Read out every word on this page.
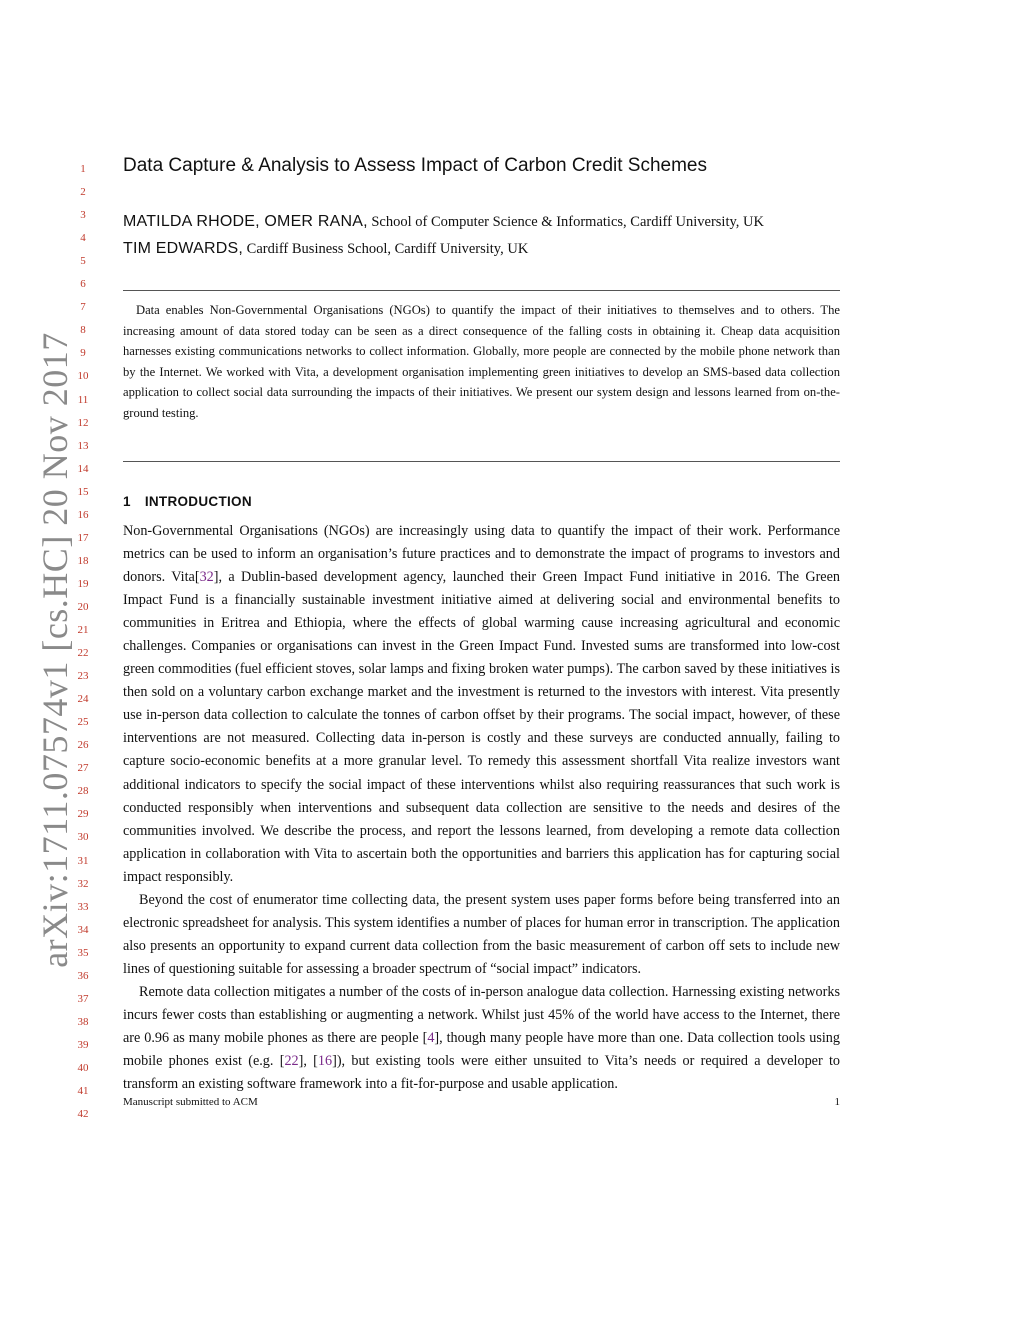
arXiv:1711.07574v1 [cs.HC] 20 Nov 2017
1
2
3
4
5
6
7
8
9
10
11
12
13
14
15
16
17
18
19
20
21
22
23
24
25
26
27
28
29
30
31
32
33
34
35
36
37
38
39
40
41
42
Data Capture & Analysis to Assess Impact of Carbon Credit Schemes
MATILDA RHODE, OMER RANA, School of Computer Science & Informatics, Cardiff University, UK
TIM EDWARDS, Cardiff Business School, Cardiff University, UK

Data enables Non-Governmental Organisations (NGOs) to quantify the impact of their initiatives to themselves and to others. The increasing amount of data stored today can be seen as a direct consequence of the falling costs in obtaining it. Cheap data acquisition harnesses existing communications networks to collect information. Globally, more people are connected by the mobile phone network than by the Internet. We worked with Vita, a development organisation implementing green initiatives to develop an SMS-based data collection application to collect social data surrounding the impacts of their initiatives. We present our system design and lessons learned from on-the-ground testing.

1 INTRODUCTION

Non-Governmental Organisations (NGOs) are increasingly using data to quantify the impact of their work. Performance metrics can be used to inform an organisation’s future practices and to demonstrate the impact of programs to investors and donors. Vita[32], a Dublin-based development agency, launched their Green Impact Fund initiative in 2016. The Green Impact Fund is a financially sustainable investment initiative aimed at delivering social and environmental benefits to communities in Eritrea and Ethiopia, where the effects of global warming cause increasing agricultural and economic challenges. Companies or organisations can invest in the Green Impact Fund. Invested sums are transformed into low-cost green commodities (fuel efficient stoves, solar lamps and fixing broken water pumps). The carbon saved by these initiatives is then sold on a voluntary carbon exchange market and the investment is returned to the investors with interest. Vita presently use in-person data collection to calculate the tonnes of carbon offset by their programs. The social impact, however, of these interventions are not measured. Collecting data in-person is costly and these surveys are conducted annually, failing to capture socio-economic benefits at a more granular level. To remedy this assessment shortfall Vita realize investors want additional indicators to specify the social impact of these interventions whilst also requiring reassurances that such work is conducted responsibly when interventions and subsequent data collection are sensitive to the needs and desires of the communities involved. We describe the process, and report the lessons learned, from developing a remote data collection application in collaboration with Vita to ascertain both the opportunities and barriers this application has for capturing social impact responsibly.

Beyond the cost of enumerator time collecting data, the present system uses paper forms before being transferred into an electronic spreadsheet for analysis. This system identifies a number of places for human error in transcription. The application also presents an opportunity to expand current data collection from the basic measurement of carbon off sets to include new lines of questioning suitable for assessing a broader spectrum of “social impact” indicators.

Remote data collection mitigates a number of the costs of in-person analogue data collection. Harnessing existing networks incurs fewer costs than establishing or augmenting a network. Whilst just 45% of the world have access to the Internet, there are 0.96 as many mobile phones as there are people [4], though many people have more than one. Data collection tools using mobile phones exist (e.g. [22], [16]), but existing tools were either unsuited to Vita’s needs or required a developer to transform an existing software framework into a fit-for-purpose and usable application.

Manuscript submitted to ACM	1
